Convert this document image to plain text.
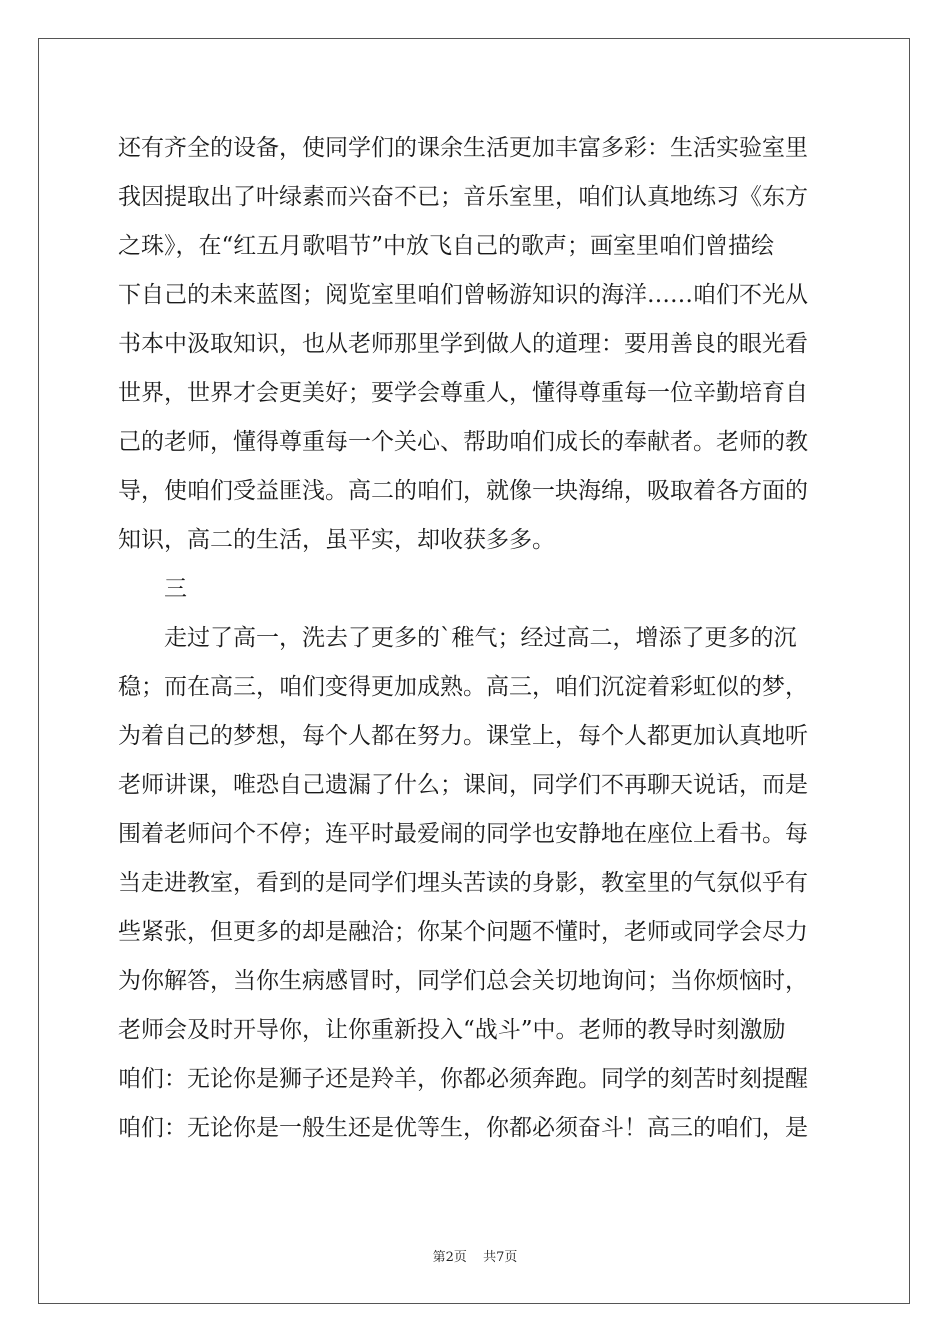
还有齐全的设备，使同学们的课余生活更加丰富多彩：生活实验室里
我因提取出了叶绿素而兴奋不已；音乐室里，咱们认真地练习《东方
之珠》，在“红五月歌唱节”中放飞自己的歌声；画室里咱们曾描绘
下自己的未来蓝图；阅览室里咱们曾畅游知识的海洋……咱们不光从
书本中汲取知识，也从老师那里学到做人的道理：要用善良的眼光看
世界，世界才会更美好；要学会尊重人，懂得尊重每一位辛勤培育自
己的老师，懂得尊重每一个关心、帮助咱们成长的奉献者。老师的教
导，使咱们受益匪浅。高二的咱们，就像一块海绵，吸取着各方面的
知识，高二的生活，虽平实，却收获多多。
三
走过了高一，洗去了更多的`稚气；经过高二，增添了更多的沉
稳；而在高三，咱们变得更加成熟。高三，咱们沉淀着彩虹似的梦，
为着自己的梦想，每个人都在努力。课堂上，每个人都更加认真地听
老师讲课，唯恐自己遗漏了什么；课间，同学们不再聊天说话，而是
围着老师问个不停；连平时最爱闹的同学也安静地在座位上看书。每
当走进教室，看到的是同学们埋头苦读的身影，教室里的气氛似乎有
些紧张，但更多的却是融洽；你某个问题不懂时，老师或同学会尽力
为你解答，当你生病感冒时，同学们总会关切地询问；当你烦恼时，
老师会及时开导你，让你重新投入“战斗”中。老师的教导时刻激励
咱们：无论你是狮子还是羚羊，你都必须奔跑。同学的刻苦时刻提醒
咱们：无论你是一般生还是优等生，你都必须奋斗！高三的咱们，是
第2页 共7页
